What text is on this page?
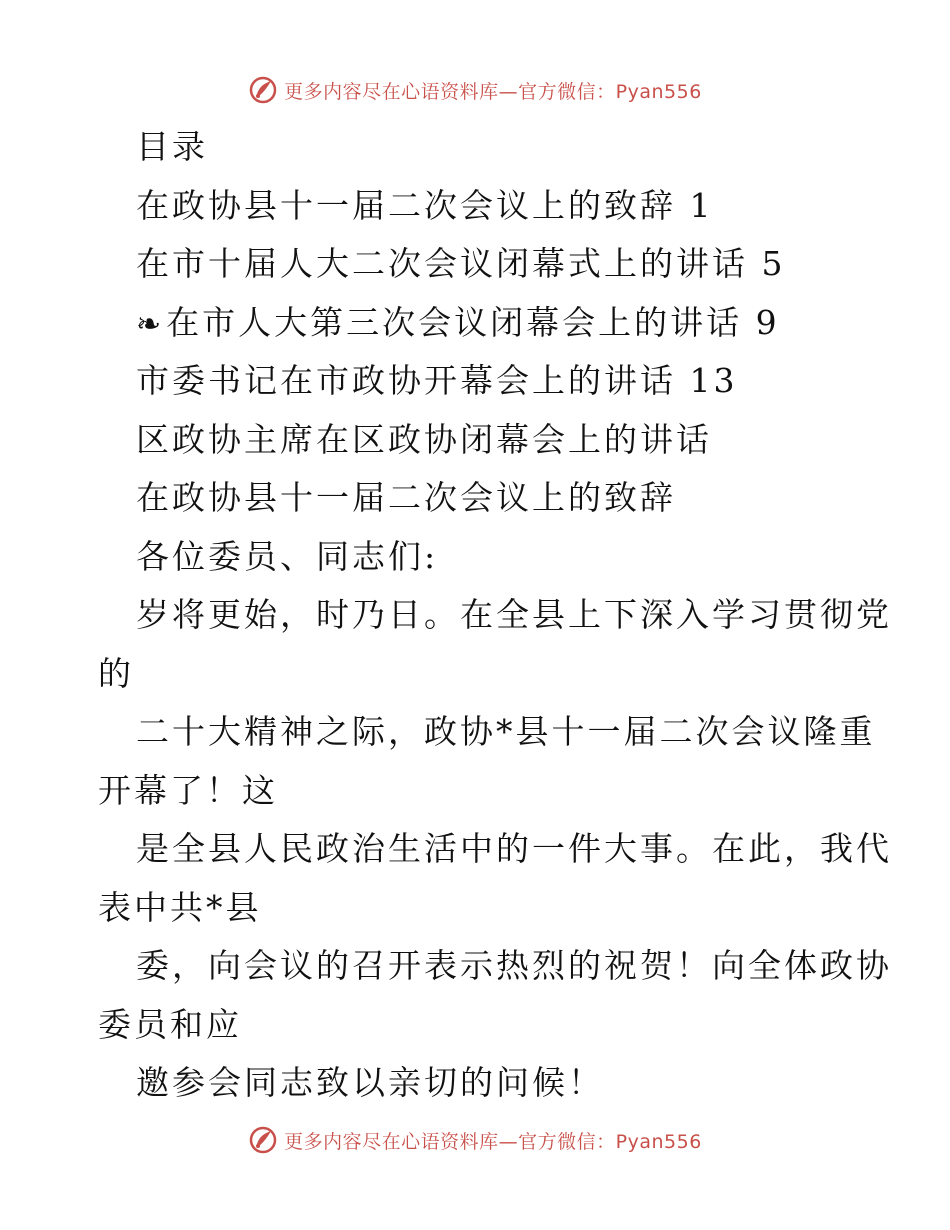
更多内容尽在心语资料库—官方微信：Pyan556
目录
在政协县十一届二次会议上的致辞 1
在市十届人大二次会议闭幕式上的讲话 5
❧在市人大第三次会议闭幕会上的讲话 9
市委书记在市政协开幕会上的讲话 13
区政协主席在区政协闭幕会上的讲话
在政协县十一届二次会议上的致辞
各位委员、同志们:
岁将更始，时乃日。在全县上下深入学习贯彻党
的
二十大精神之际，政协*县十一届二次会议隆重
开幕了！这
是全县人民政治生活中的一件大事。在此，我代
表中共*县
委，向会议的召开表示热烈的祝贺！向全体政协
委员和应
邀参会同志致以亲切的问候！
更多内容尽在心语资料库—官方微信：Pyan556
